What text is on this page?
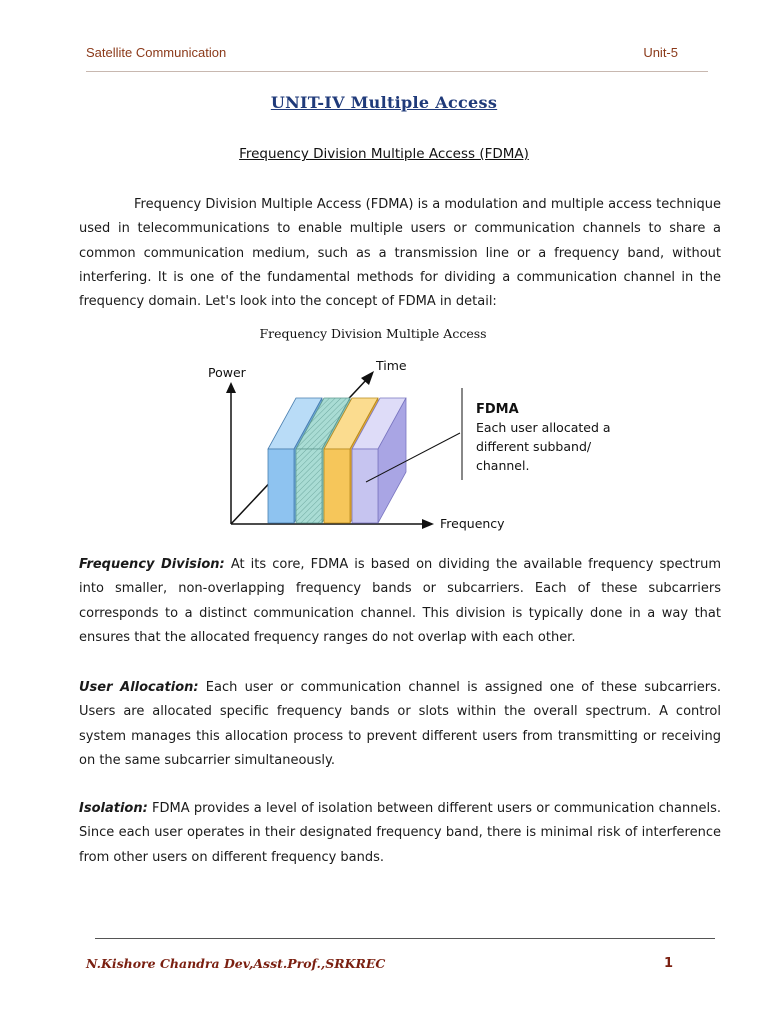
Satellite Communication	Unit-5
UNIT-IV Multiple Access
Frequency Division Multiple Access (FDMA)
Frequency Division Multiple Access (FDMA) is a modulation and multiple access technique used in telecommunications to enable multiple users or communication channels to share a common communication medium, such as a transmission line or a frequency band, without interfering. It is one of the fundamental methods for dividing a communication channel in the frequency domain. Let's look into the concept of FDMA in detail:
Frequency Division Multiple Access
Power	Time
Frequency
FDMA
Each user allocated a
different subband/
channel.
Frequency Division: At its core, FDMA is based on dividing the available frequency spectrum into smaller, non-overlapping frequency bands or subcarriers. Each of these subcarriers corresponds to a distinct communication channel. This division is typically done in a way that ensures that the allocated frequency ranges do not overlap with each other.
User Allocation: Each user or communication channel is assigned one of these subcarriers. Users are allocated specific frequency bands or slots within the overall spectrum. A control system manages this allocation process to prevent different users from transmitting or receiving on the same subcarrier simultaneously.
Isolation: FDMA provides a level of isolation between different users or communication channels. Since each user operates in their designated frequency band, there is minimal risk of interference from other users on different frequency bands.
N.Kishore Chandra Dev,Asst.Prof.,SRKREC	1
